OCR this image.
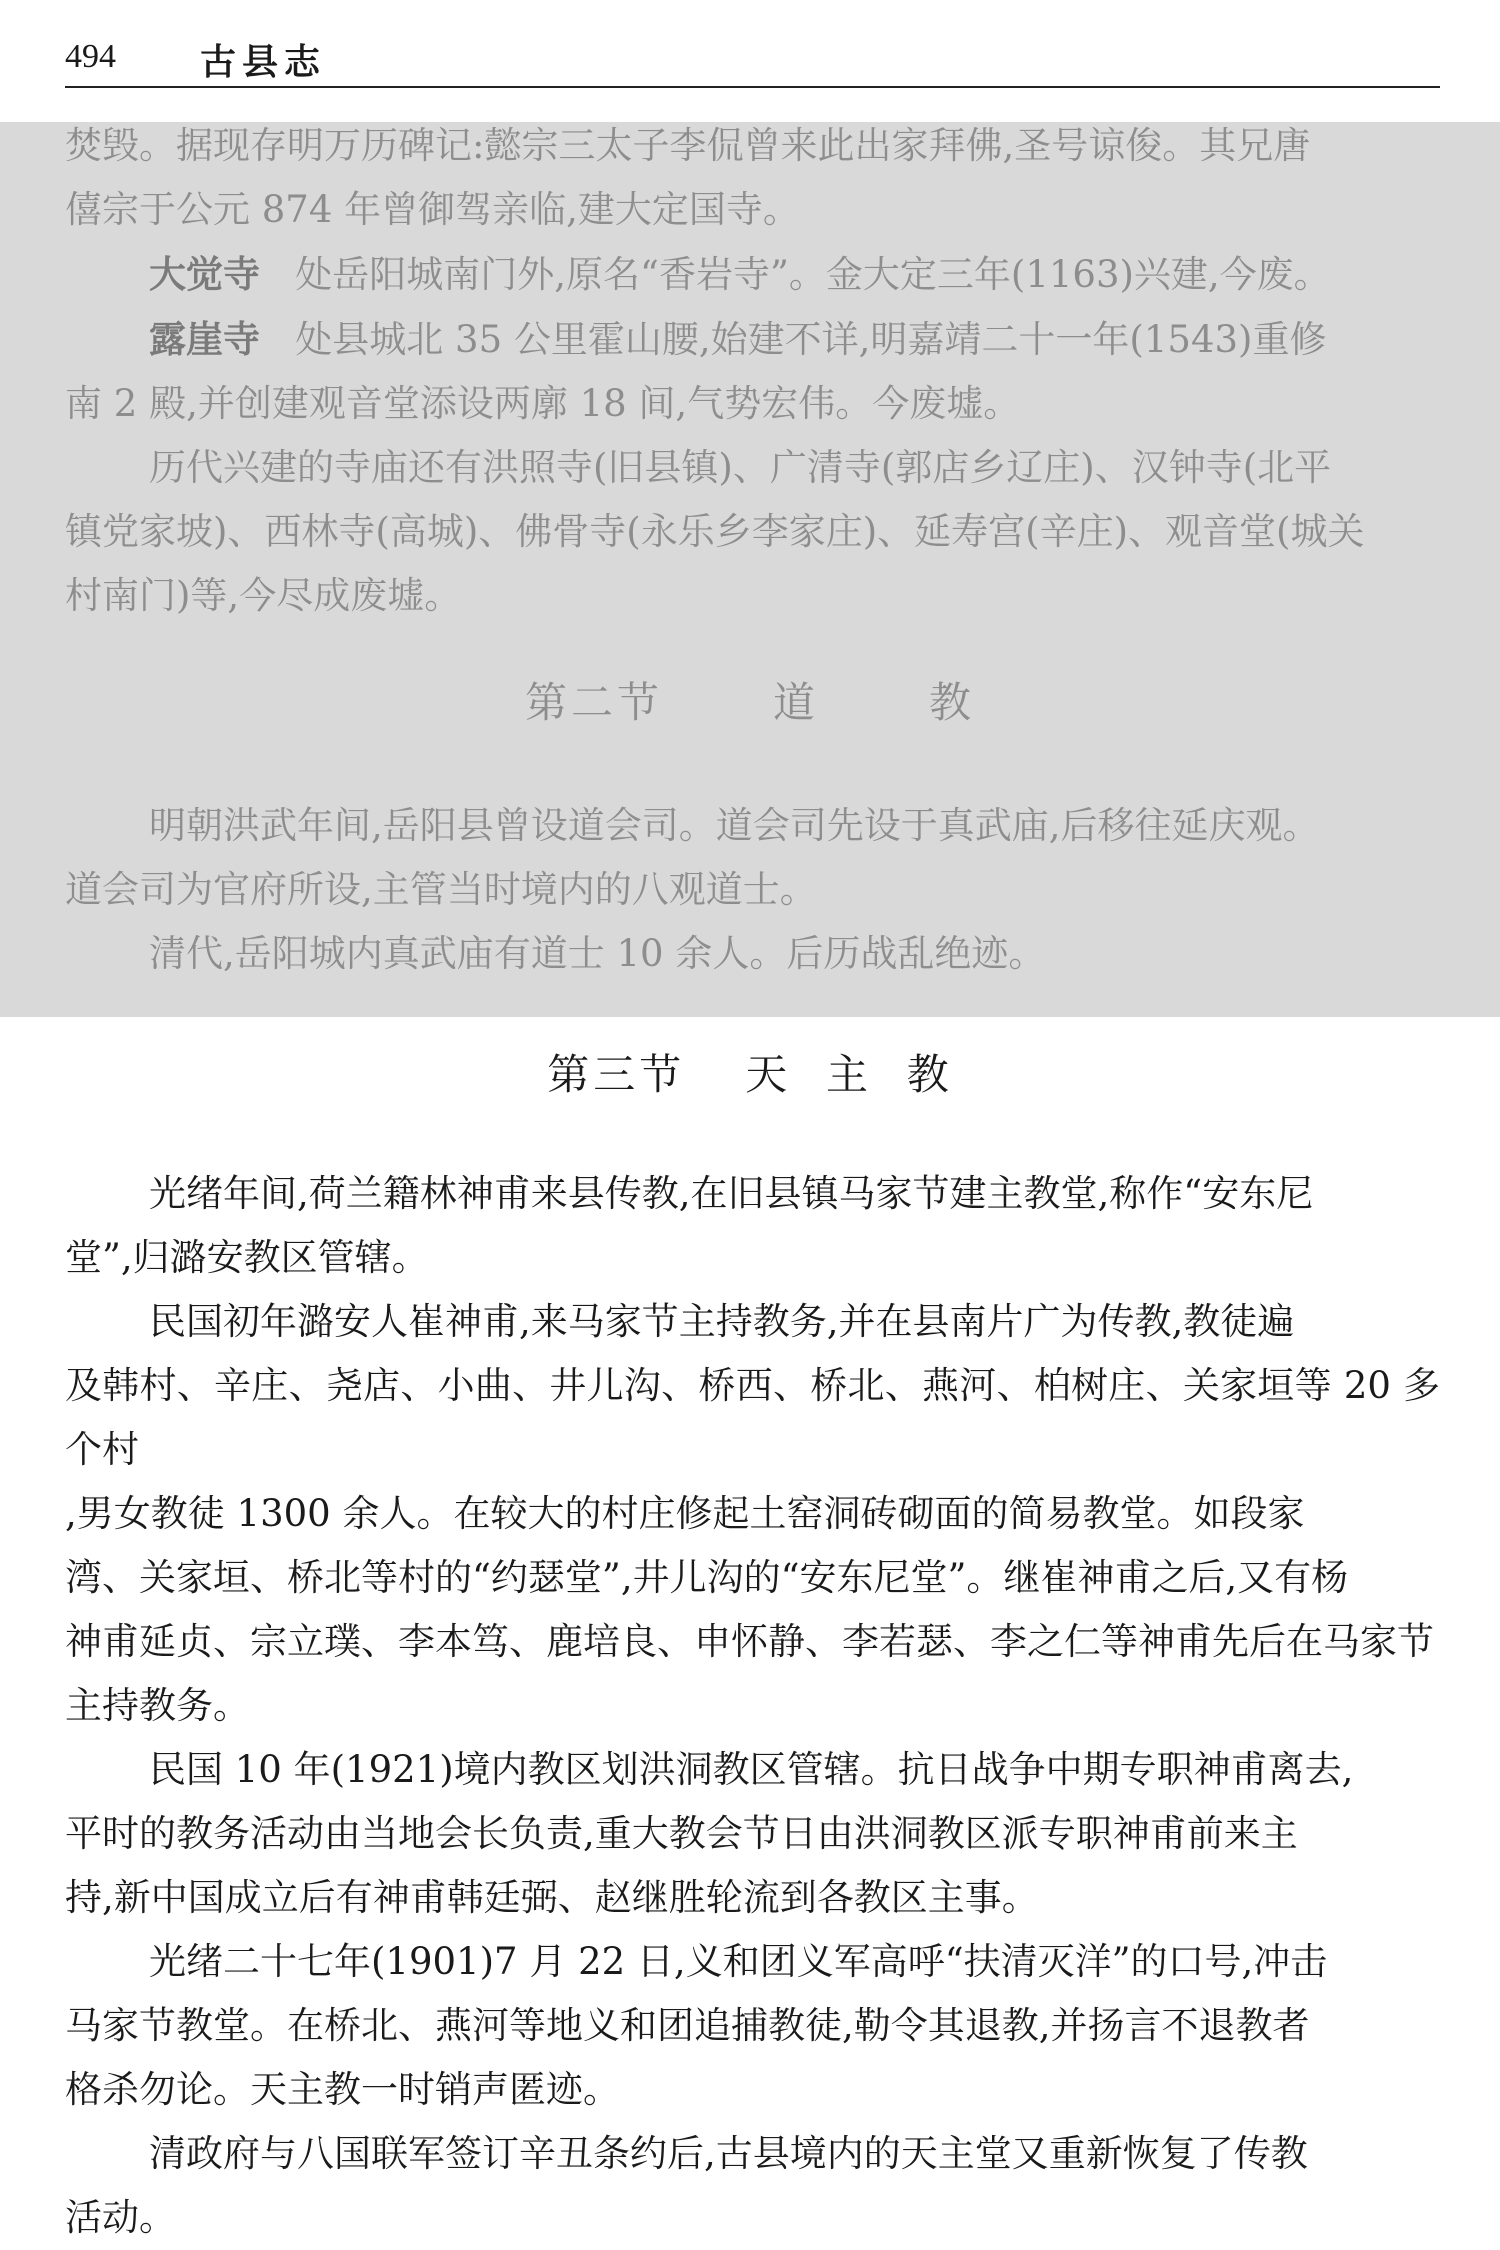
494 古县志

焚毁。据现存明万历碑记:懿宗三太子李侃曾来此出家拜佛,圣号谅俊。其兄唐
僖宗于公元 874 年曾御驾亲临,建大定国寺。

大觉寺 处岳阳城南门外,原名“香岩寺”。金大定三年(1163)兴建,今废。

露崖寺 处县城北 35 公里霍山腰,始建不详,明嘉靖二十一年(1543)重修

南 2 殿,并创建观音堂添设两廓 18 间,气势宏伟。今废墟。

历代兴建的寺庙还有洪照寺(旧县镇)、广清寺(郭店乡辽庄)、汉钟寺(北平

镇党家坡)、西林寺(高城)、佛骨寺(永乐乡李家庄)、延寿宫(辛庄)、观音堂(城关

村南门)等,今尽成废墟。

第二节	道	教

明朝洪武年间,岳阳县曾设道会司。道会司先设于真武庙,后移往延庆观。

道会司为官府所设,主管当时境内的八观道士。

清代,岳阳城内真武庙有道士 10 余人。后历战乱绝迹。

第三节 天 主 教

光绪年间,荷兰籍林神甫来县传教,在旧县镇马家节建主教堂,称作“安东尼

堂”,归潞安教区管辖。

民国初年潞安人崔神甫,来马家节主持教务,并在县南片广为传教,教徒遍

及韩村、辛庄、尧店、小曲、井儿沟、桥西、桥北、燕河、柏树庄、关家垣等 20 多个村

,男女教徒 1300 余人。在较大的村庄修起土窑洞砖砌面的简易教堂。如段家

湾、关家垣、桥北等村的“约瑟堂”,井儿沟的“安东尼堂”。继崔神甫之后,又有杨

神甫延贞、宗立璞、李本笃、鹿培良、申怀静、李若瑟、李之仁等神甫先后在马家节

主持教务。

民国 10 年(1921)境内教区划洪洞教区管辖。抗日战争中期专职神甫离去,

平时的教务活动由当地会长负责,重大教会节日由洪洞教区派专职神甫前来主

持,新中国成立后有神甫韩廷弼、赵继胜轮流到各教区主事。

光绪二十七年(1901)7 月 22 日,义和团义军高呼“扶清灭洋”的口号,冲击

马家节教堂。在桥北、燕河等地义和团追捕教徒,勒令其退教,并扬言不退教者

格杀勿论。天主教一时销声匿迹。

清政府与八国联军签订辛丑条约后,古县境内的天主堂又重新恢复了传教

活动。
